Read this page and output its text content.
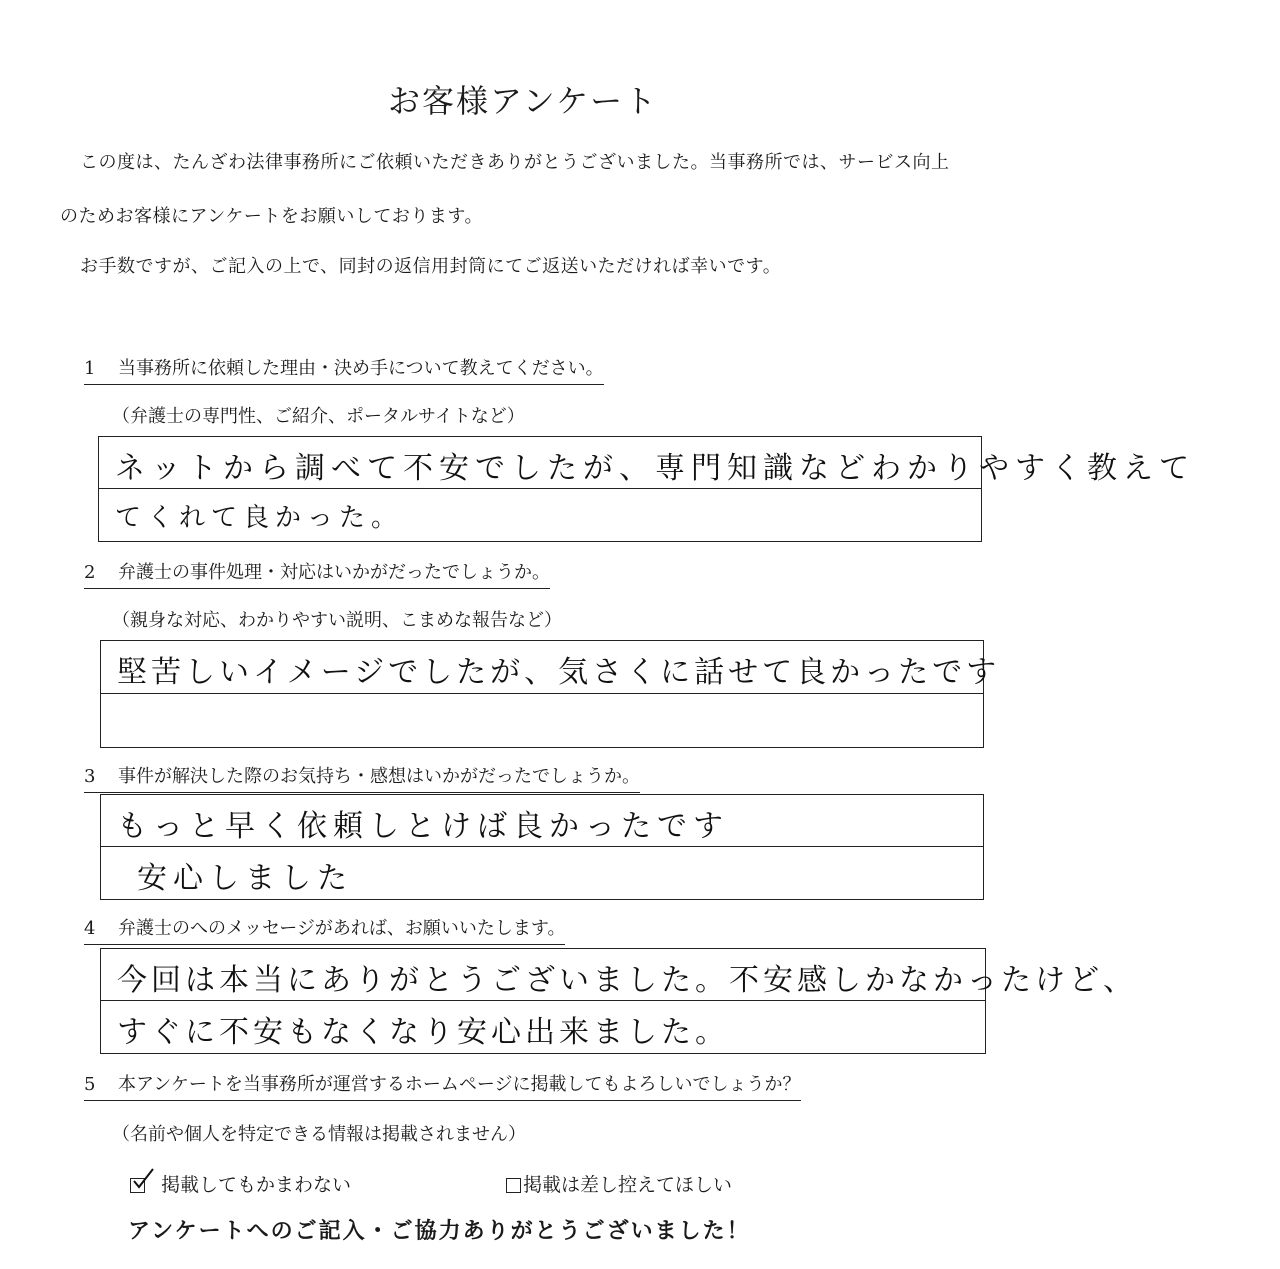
お客様アンケート
この度は、たんざわ法律事務所にご依頼いただきありがとうございました。当事務所では、サービス向上
のためお客様にアンケートをお願いしております。
お手数ですが、ご記入の上で、同封の返信用封筒にてご返送いただければ幸いです。
1 当事務所に依頼した理由・決め手について教えてください。
（弁護士の専門性、ご紹介、ポータルサイトなど）
ネットから調べて不安でしたが、専門知識などわかりやすく教えて
てくれて良かった。
2 弁護士の事件処理・対応はいかがだったでしょうか。
（親身な対応、わかりやすい説明、こまめな報告など）
堅苦しいイメージでしたが、気さくに話せて良かったです
3 事件が解決した際のお気持ち・感想はいかがだったでしょうか。
もっと早く依頼しとけば良かったです
安心しました
4 弁護士のへのメッセージがあれば、お願いいたします。
今回は本当にありがとうございました。不安感しかなかったけど、
すぐに不安もなくなり安心出来ました。
5 本アンケートを当事務所が運営するホームページに掲載してもよろしいでしょうか？
（名前や個人を特定できる情報は掲載されません）
掲載してもかまわない	掲載は差し控えてほしい
アンケートへのご記入・ご協力ありがとうございました！
